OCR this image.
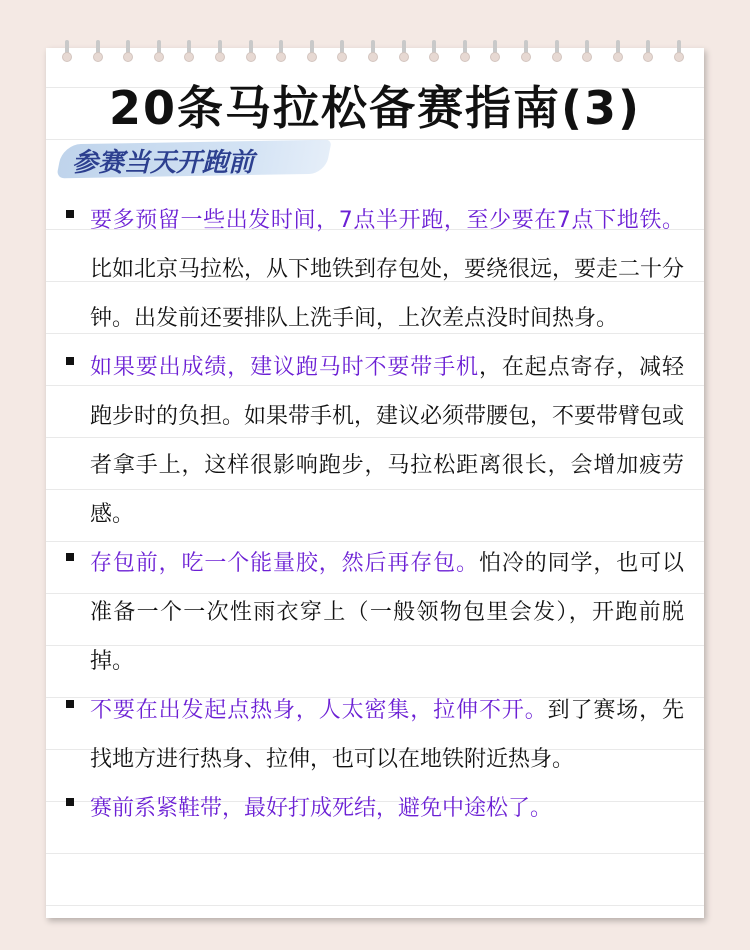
20条马拉松备赛指南(3)
参赛当天开跑前
要多预留一些出发时间，7点半开跑，至少要在7点下地铁。比如北京马拉松，从下地铁到存包处，要绕很远，要走二十分钟。出发前还要排队上洗手间，上次差点没时间热身。
如果要出成绩，建议跑马时不要带手机，在起点寄存，减轻跑步时的负担。如果带手机，建议必须带腰包，不要带臂包或者拿手上，这样很影响跑步，马拉松距离很长，会增加疲劳感。
存包前，吃一个能量胶，然后再存包。怕冷的同学，也可以准备一个一次性雨衣穿上（一般领物包里会发），开跑前脱掉。
不要在出发起点热身，人太密集，拉伸不开。到了赛场，先找地方进行热身、拉伸，也可以在地铁附近热身。
赛前系紧鞋带，最好打成死结，避免中途松了。
